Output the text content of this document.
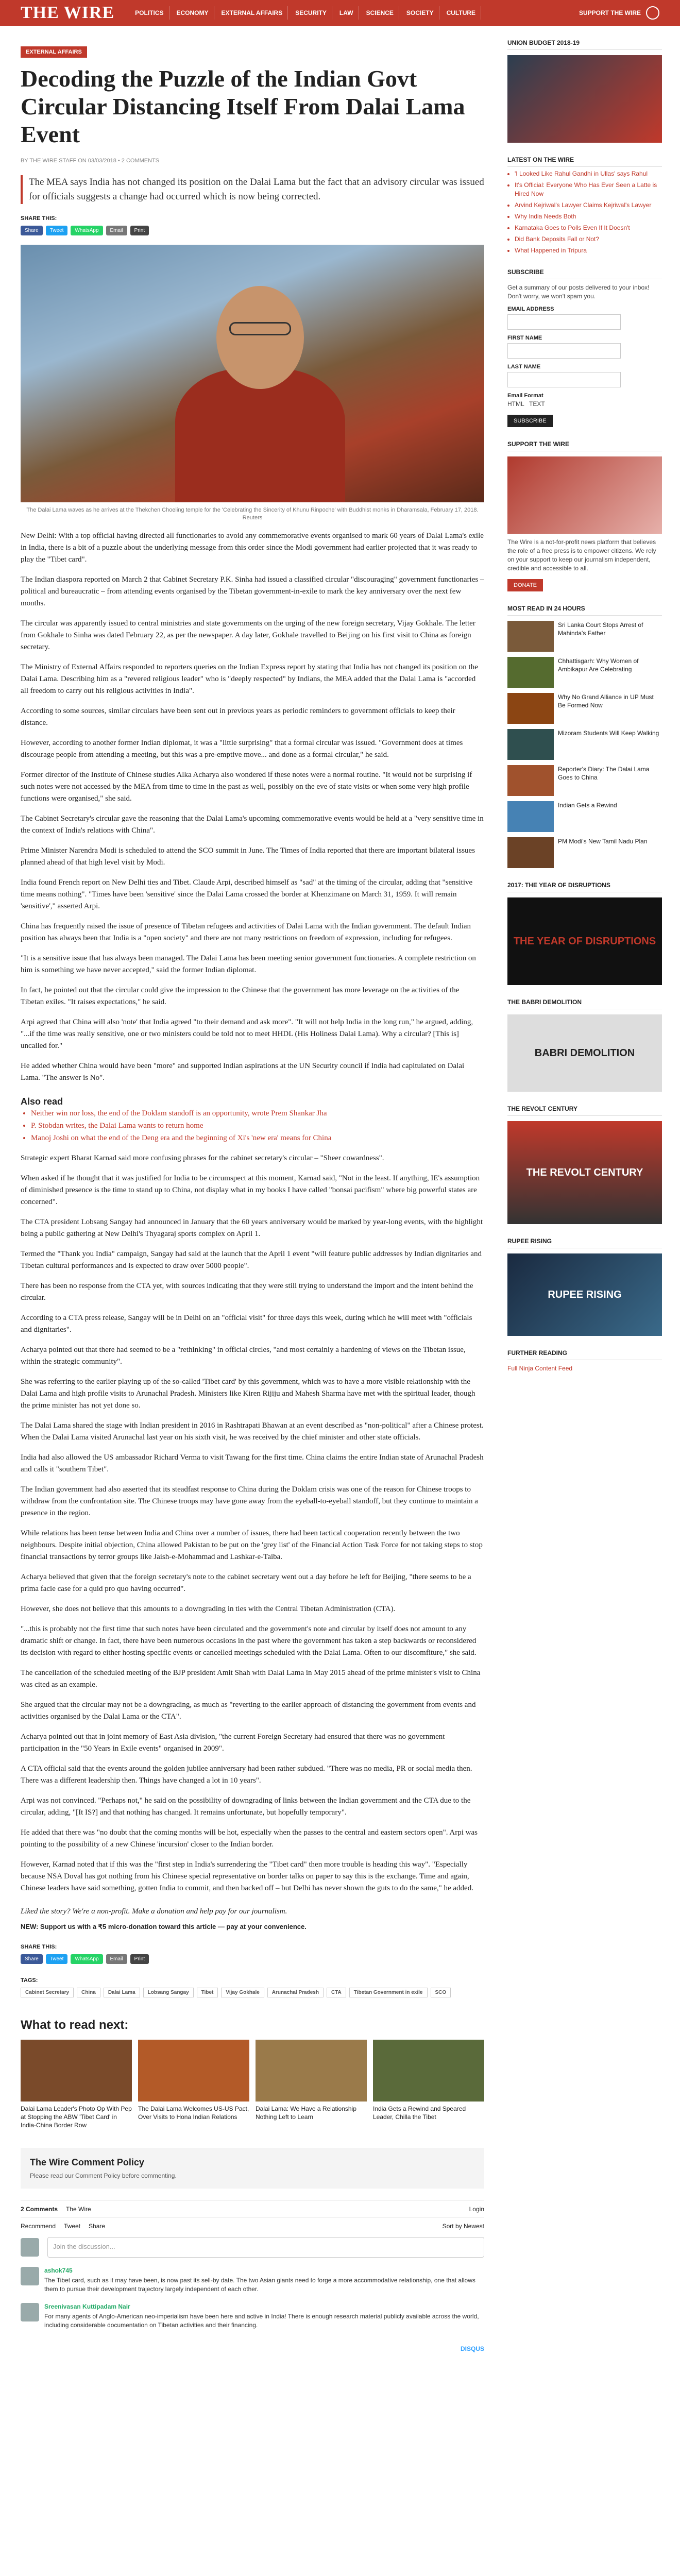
THE WIRE	POLITICS	ECONOMY	EXTERNAL AFFAIRS	SECURITY	LAW	SCIENCE	SOCIETY	CULTURE	SUPPORT THE WIRE
EXTERNAL AFFAIRS
Decoding the Puzzle of the Indian Govt Circular Distancing Itself From Dalai Lama Event
BY THE WIRE STAFF ON 03/03/2018 • 2 COMMENTS
The MEA says India has not changed its position on the Dalai Lama but the fact that an advisory circular was issued for officials suggests a change had occurred which is now being corrected.
SHARE THIS:
Share	Tweet	WhatsApp	Email	Print
The Dalai Lama waves as he arrives at the Thekchen Choeling temple for the 'Celebrating the Sincerity of Khunu Rinpoche' with Buddhist monks in Dharamsala, February 17, 2018. Reuters

New Delhi: With a top official having directed all functionaries to avoid any commemorative events organised to mark 60 years of Dalai Lama's exile in India, there is a bit of a puzzle about the underlying message from this order since the Modi government had earlier projected that it was ready to play the "Tibet card".

The Indian diaspora reported on March 2 that Cabinet Secretary P.K. Sinha had issued a classified circular "discouraging" government functionaries – political and bureaucratic – from attending events organised by the Tibetan government-in-exile to mark the key anniversary over the next few months.

The circular was apparently issued to central ministries and state governments on the urging of the new foreign secretary, Vijay Gokhale. The letter from Gokhale to Sinha was dated February 22, as per the newspaper. A day later, Gokhale travelled to Beijing on his first visit to China as foreign secretary.

The Ministry of External Affairs responded to reporters queries on the Indian Express report by stating that India has not changed its position on the Dalai Lama. Describing him as a "revered religious leader" who is "deeply respected" by Indians, the MEA added that the Dalai Lama is "accorded all freedom to carry out his religious activities in India".

According to some sources, similar circulars have been sent out in previous years as periodic reminders to government officials to keep their distance.

However, according to another former Indian diplomat, it was a "little surprising" that a formal circular was issued. "Government does at times discourage people from attending a meeting, but this was a pre-emptive move... and done as a formal circular," he said.

Former director of the Institute of Chinese studies Alka Acharya also wondered if these notes were a normal routine. "It would not be surprising if such notes were not accessed by the MEA from time to time in the past as well, possibly on the eve of state visits or when some very high profile functions were organised," she said.

The Cabinet Secretary's circular gave the reasoning that the Dalai Lama's upcoming commemorative events would be held at a "very sensitive time in the context of India's relations with China".

Prime Minister Narendra Modi is scheduled to attend the SCO summit in June. The Times of India reported that there are important bilateral issues planned ahead of that high level visit by Modi.

India found French report on New Delhi ties and Tibet. Claude Arpi, described himself as "sad" at the timing of the circular, adding that "sensitive time means nothing". "Times have been 'sensitive' since the Dalai Lama crossed the border at Khenzimane on March 31, 1959. It will remain 'sensitive'," asserted Arpi.

China has frequently raised the issue of presence of Tibetan refugees and activities of Dalai Lama with the Indian government. The default Indian position has always been that India is a "open society" and there are not many restrictions on freedom of expression, including for refugees.

"It is a sensitive issue that has always been managed. The Dalai Lama has been meeting senior government functionaries. A complete restriction on him is something we have never accepted," said the former Indian diplomat.

In fact, he pointed out that the circular could give the impression to the Chinese that the government has more leverage on the activities of the Tibetan exiles. "It raises expectations," he said.

Arpi agreed that China will also 'note' that India agreed "to their demand and ask more". "It will not help India in the long run," he argued, adding, "...if the time was really sensitive, one or two ministers could be told not to meet HHDL (His Holiness Dalai Lama). Why a circular? [This is] uncalled for."

He added whether China would have been "more" and supported Indian aspirations at the UN Security council if India had capitulated on Dalai Lama. "The answer is No".

Also read
• Neither win nor loss, the end of the Doklam standoff is an opportunity, wrote Prem Shankar Jha
• P. Stobdan writes, the Dalai Lama wants to return home
• Manoj Joshi on what the end of the Deng era and the beginning of Xi's 'new era' means for China

Strategic expert Bharat Karnad said more confusing phrases for the cabinet secretary's circular – "Sheer cowardness".

When asked if he thought that it was justified for India to be circumspect at this moment, Karnad said, "Not in the least. If anything, IE's assumption of diminished presence is the time to stand up to China, not display what in my books I have called "bonsai pacifism" where big powerful states are concerned".

The CTA president Lobsang Sangay had announced in January that the 60 years anniversary would be marked by year-long events, with the highlight being a public gathering at New Delhi's Thyagaraj sports complex on April 1.

Termed the "Thank you India" campaign, Sangay had said at the launch that the April 1 event "will feature public addresses by Indian dignitaries and Tibetan cultural performances and is expected to draw over 5000 people".

There has been no response from the CTA yet, with sources indicating that they were still trying to understand the import and the intent behind the circular.

According to a CTA press release, Sangay will be in Delhi on an "official visit" for three days this week, during which he will meet with "officials and dignitaries".

Acharya pointed out that there had seemed to be a "rethinking" in official circles, "and most certainly a hardening of views on the Tibetan issue, within the strategic community".

She was referring to the earlier playing up of the so-called 'Tibet card' by this government, which was to have a more visible relationship with the Dalai Lama and high profile visits to Arunachal Pradesh. Ministers like Kiren Rijiju and Mahesh Sharma have met with the spiritual leader, though the prime minister has not yet done so.

The Dalai Lama shared the stage with Indian president in 2016 in Rashtrapati Bhawan at an event described as "non-political" after a Chinese protest. When the Dalai Lama visited Arunachal last year on his sixth visit, he was received by the chief minister and other state officials.

India had also allowed the US ambassador Richard Verma to visit Tawang for the first time. China claims the entire Indian state of Arunachal Pradesh and calls it "southern Tibet".

The Indian government had also asserted that its steadfast response to China during the Doklam crisis was one of the reason for Chinese troops to withdraw from the confrontation site. The Chinese troops may have gone away from the eyeball-to-eyeball standoff, but they continue to maintain a presence in the region.

While relations has been tense between India and China over a number of issues, there had been tactical cooperation recently between the two neighbours. Despite initial objection, China allowed Pakistan to be put on the 'grey list' of the Financial Action Task Force for not taking steps to stop financial transactions by terror groups like Jaish-e-Mohammad and Lashkar-e-Taiba.

Acharya believed that given that the foreign secretary's note to the cabinet secretary went out a day before he left for Beijing, "there seems to be a prima facie case for a quid pro quo having occurred".

However, she does not believe that this amounts to a downgrading in ties with the Central Tibetan Administration (CTA).

"...this is probably not the first time that such notes have been circulated and the government's note and circular by itself does not amount to any dramatic shift or change. In fact, there have been numerous occasions in the past where the government has taken a step backwards or reconsidered its decision with regard to either hosting specific events or cancelled meetings scheduled with the Dalai Lama. Often to our discomfiture," she said.

The cancellation of the scheduled meeting of the BJP president Amit Shah with Dalai Lama in May 2015 ahead of the prime minister's visit to China was cited as an example.

She argued that the circular may not be a downgrading, as much as "reverting to the earlier approach of distancing the government from events and activities organised by the Dalai Lama or the CTA".

Acharya pointed out that in joint memory of East Asia division, "the current Foreign Secretary had ensured that there was no government participation in the "50 Years in Exile events" organised in 2009".

A CTA official said that the events around the golden jubilee anniversary had been rather subdued. "There was no media, PR or social media then. There was a different leadership then. Things have changed a lot in 10 years".

Arpi was not convinced. "Perhaps not," he said on the possibility of downgrading of links between the Indian government and the CTA due to the circular, adding, "[It IS?] and that nothing has changed. It remains unfortunate, but hopefully temporary".

He added that there was "no doubt that the coming months will be hot, especially when the passes to the central and eastern sectors open". Arpi was pointing to the possibility of a new Chinese 'incursion' closer to the Indian border.

However, Karnad noted that if this was the "first step in India's surrendering the "Tibet card" then more trouble is heading this way". "Especially because NSA Doval has got nothing from his Chinese special representative on border talks on paper to say this is the exchange. Time and again, Chinese leaders have said something, gotten India to commit, and then backed off – but Delhi has never shown the guts to do the same," he added.

Liked the story? We're a non-profit. Make a donation and help pay for our journalism.
NEW: Support us with a ₹5 micro-donation toward this article — pay at your convenience.
SHARE THIS:
Share	Tweet	WhatsApp	Email	Print
TAGS:
Cabinet Secretary	China	Dalai Lama	Lobsang Sangay	Tibet	Vijay Gokhale	Arunachal Pradesh	CTA	Tibetan Government in exile	SCO
What to read next:
Dalai Lama Leader's Photo Op With Pep at Stopping the ABW 'Tibet Card' in India-China Border Row
The Dalai Lama Welcomes US-US Pact, Over Visits to Hona Indian Relations
Dalai Lama: We Have a Relationship Nothing Left to Learn
India Gets a Rewind and Speared Leader, Chilla the Tibet
The Wire Comment Policy

Please read our Comment Policy before commenting.

2 Comments The Wire	Login
Recommend Tweet Share	Sort by Newest
Join the discussion...
ashok745
The Tibet card, such as it may have been, is now past its sell-by date. The two Asian giants need to forge a more accommodative relationship, one that allows them to pursue their development trajectory largely independent of each other.
Sreenivasan Kuttipadam Nair
For many agents of Anglo-American neo-imperialism have been here and active in India! There is enough research material publicly available across the world, including considerable documentation on Tibetan activities and their financing.
DISQUS
UNION BUDGET 2018-19
LATEST ON THE WIRE
• 'I Looked Like Rahul Gandhi in Ullas' says Rahul
• It's Official: Everyone Who Has Ever Seen a Latte is Hired Now
• Arvind Kejriwal's Lawyer Claims Kejriwal's Lawyer
• Why India Needs Both
• Karnataka Goes to Polls Even If It Doesn't
• Did Bank Deposits Fall or Not?
• What Happened in Tripura
SUBSCRIBE
Get a summary of our posts delivered to your inbox! Don't worry, we won't spam you.
EMAIL ADDRESS
FIRST NAME
LAST NAME
Email Format
HTML TEXT
SUBSCRIBE
SUPPORT THE WIRE
The Wire is a not-for-profit news platform that believes the role of a free press is to empower citizens. We rely on your support to keep our journalism independent, credible and accessible to all.
DONATE
MOST READ IN 24 HOURS
Sri Lanka Court Stops Arrest of Mahinda's Father
Chhattisgarh: Why Women of Ambikapur Are Celebrating
Why No Grand Alliance in UP Must Be Formed Now
Mizoram Students Will Keep Walking
Reporter's Diary: The Dalai Lama Goes to China
Indian Gets a Rewind
PM Modi's New Tamil Nadu Plan
2017: THE YEAR OF DISRUPTIONS
THE YEAR OF DISRUPTIONS
THE BABRI DEMOLITION
BABRI DEMOLITION
THE REVOLT CENTURY
THE REVOLT CENTURY
RUPEE RISING
RUPEE RISING
FURTHER READING
Full Ninja Content Feed
